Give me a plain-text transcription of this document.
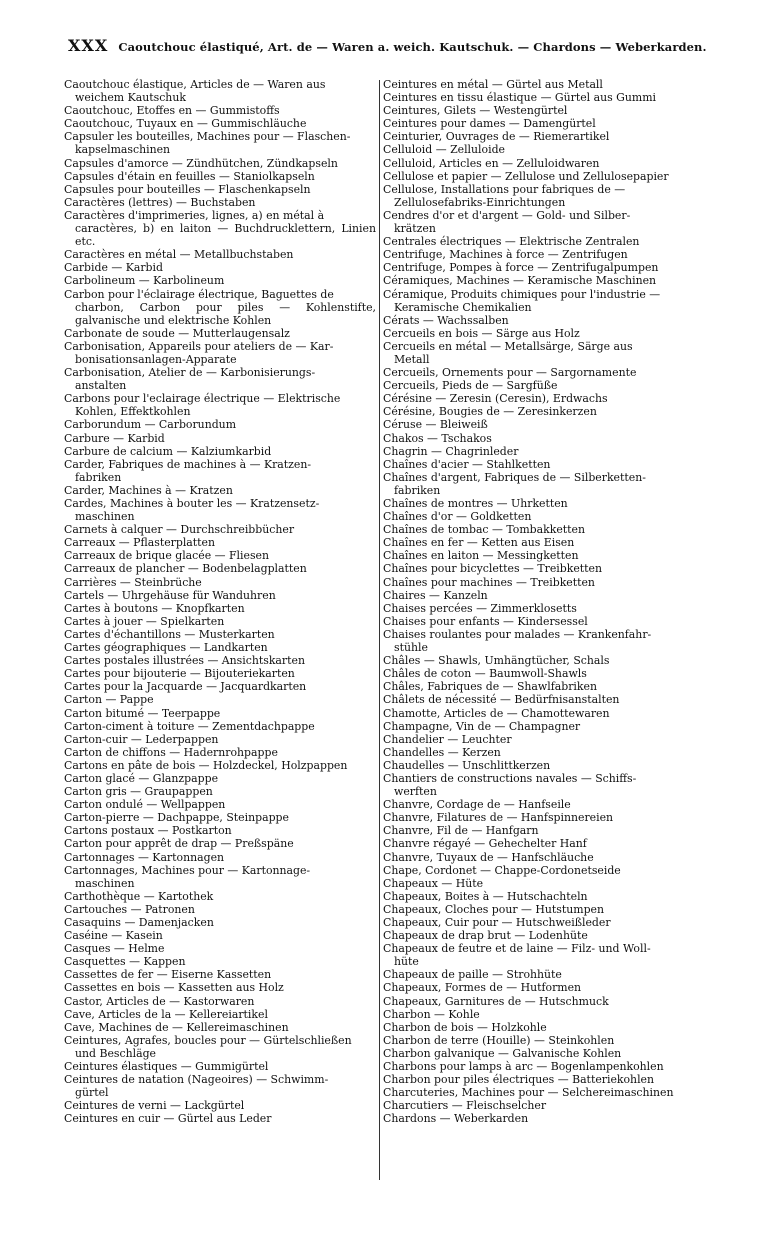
XXX Caoutchouc élastiqué, Art. de — Waren a. weich. Kautschuk. — Chardons — Weberkarden.
Caoutchouc élastique, Articles de — Waren aus
weichem Kautschuk
Caoutchouc, Etoffes en — Gummistoffs
Caoutchouc, Tuyaux en — Gummischläuche
Capsuler les bouteilles, Machines pour — Flaschen-
kapselmaschinen
Capsules d'amorce — Zündhütchen, Zündkapseln
Capsules d'étain en feuilles — Staniolkapseln
Capsules pour bouteilles — Flaschenkapseln
Caractères (lettres) — Buchstaben
Caractères d'imprimeries, lignes, a) en métal à
caractères, b) en laiton — Buchdrucklettern, Linien etc.
Caractères en métal — Metallbuchstaben
Carbide — Karbid
Carbolineum — Karbolineum
Carbon pour l'éclairage électrique, Baguettes de
charbon, Carbon pour piles — Kohlenstifte, galvanische und elektrische Kohlen
Carbonate de soude — Mutterlaugensalz
Carbonisation, Appareils pour ateliers de — Kar-
bonisationsanlagen-Apparate
Carbonisation, Atelier de — Karbonisierungs-
anstalten
Carbons pour l'eclairage électrique — Elektrische
Kohlen, Effektkohlen
Carborundum — Carborundum
Carbure — Karbid
Carbure de calcium — Kalziumkarbid
Carder, Fabriques de machines à — Kratzen-
fabriken
Carder, Machines à — Kratzen
Cardes, Machines à bouter les — Kratzensetz-
maschinen
Carnets à calquer — Durchschreibbücher
Carreaux — Pflasterplatten
Carreaux de brique glacée — Fliesen
Carreaux de plancher — Bodenbelagplatten
Carrières — Steinbrüche
Cartels — Uhrgehäuse für Wanduhren
Cartes à boutons — Knopfkarten
Cartes à jouer — Spielkarten
Cartes d'échantillons — Musterkarten
Cartes géographiques — Landkarten
Cartes postales illustrées — Ansichtskarten
Cartes pour bijouterie — Bijouteriekarten
Cartes pour la Jacquarde — Jacquardkarten
Carton — Pappe
Carton bitumé — Teerpappe
Carton-ciment à toiture — Zementdachpappe
Carton-cuir — Lederpappen
Carton de chiffons — Hadernrohpappe
Cartons en pâte de bois — Holzdeckel, Holzpappen
Carton glacé — Glanzpappe
Carton gris — Graupappen
Carton ondulé — Wellpappen
Carton-pierre — Dachpappe, Steinpappe
Cartons postaux — Postkarton
Carton pour apprêt de drap — Preßspäne
Cartonnages — Kartonnagen
Cartonnages, Machines pour — Kartonnage-
maschinen
Carthothèque — Kartothek
Cartouches — Patronen
Casaquins — Damenjacken
Caséine — Kasein
Casques — Helme
Casquettes — Kappen
Cassettes de fer — Eiserne Kassetten
Cassettes en bois — Kassetten aus Holz
Castor, Articles de — Kastorwaren
Cave, Articles de la — Kellereiartikel
Cave, Machines de — Kellereimaschinen
Ceintures, Agrafes, boucles pour — Gürtelschließen
und Beschläge
Ceintures élastiques — Gummigürtel
Ceintures de natation (Nageoires) — Schwimm-
gürtel
Ceintures de verni — Lackgürtel
Ceintures en cuir — Gürtel aus Leder
Ceintures en métal — Gürtel aus Metall
Ceintures en tissu élastique — Gürtel aus Gummi
Ceintures, Gilets — Westengürtel
Ceintures pour dames — Damengürtel
Ceinturier, Ouvrages de — Riemerartikel
Celluloid — Zelluloide
Celluloid, Articles en — Zelluloidwaren
Cellulose et papier — Zellulose und Zellulosepapier
Cellulose, Installations pour fabriques de —
Zellulosefabriks-Einrichtungen
Cendres d'or et d'argent — Gold- und Silber-
krätzen
Centrales électriques — Elektrische Zentralen
Centrifuge, Machines à force — Zentrifugen
Centrifuge, Pompes à force — Zentrifugalpumpen
Céramiques, Machines — Keramische Maschinen
Céramique, Produits chimiques pour l'industrie —
Keramische Chemikalien
Cérats — Wachssalben
Cercueils en bois — Särge aus Holz
Cercueils en métal — Metallsärge, Särge aus
Metall
Cercueils, Ornements pour — Sargornamente
Cercueils, Pieds de — Sargfüße
Cérésine — Zeresin (Ceresin), Erdwachs
Cérésine, Bougies de — Zeresinkerzen
Céruse — Bleiweiß
Chakos — Tschakos
Chagrin — Chagrinleder
Chaînes d'acier — Stahlketten
Chaînes d'argent, Fabriques de — Silberketten-
fabriken
Chaînes de montres — Uhrketten
Chaînes d'or — Goldketten
Chaînes de tombac — Tombakketten
Chaînes en fer — Ketten aus Eisen
Chaînes en laiton — Messingketten
Chaînes pour bicyclettes — Treibketten
Chaînes pour machines — Treibketten
Chaires — Kanzeln
Chaises percées — Zimmerklosetts
Chaises pour enfants — Kindersessel
Chaises roulantes pour malades — Krankenfahr-
stühle
Châles — Shawls, Umhängtücher, Schals
Châles de coton — Baumwoll-Shawls
Châles, Fabriques de — Shawlfabriken
Châlets de nécessité — Bedürfnisanstalten
Chamotte, Articles de — Chamottewaren
Champagne, Vin de — Champagner
Chandelier — Leuchter
Chandelles — Kerzen
Chaudelles — Unschlittkerzen
Chantiers de constructions navales — Schiffs-
werften
Chanvre, Cordage de — Hanfseile
Chanvre, Filatures de — Hanfspinnereien
Chanvre, Fil de — Hanfgarn
Chanvre régayé — Gehechelter Hanf
Chanvre, Tuyaux de — Hanfschläuche
Chape, Cordonet — Chappe-Cordonetseide
Chapeaux — Hüte
Chapeaux, Boites à — Hutschachteln
Chapeaux, Cloches pour — Hutstumpen
Chapeaux, Cuir pour — Hutschweißleder
Chapeaux de drap brut — Lodenhüte
Chapeaux de feutre et de laine — Filz- und Woll-
hüte
Chapeaux de paille — Strohhüte
Chapeaux, Formes de — Hutformen
Chapeaux, Garnitures de — Hutschmuck
Charbon — Kohle
Charbon de bois — Holzkohle
Charbon de terre (Houille) — Steinkohlen
Charbon galvanique — Galvanische Kohlen
Charbons pour lamps à arc — Bogenlampenkohlen
Charbon pour piles électriques — Batteriekohlen
Charcuteries, Machines pour — Selchereimaschinen
Charcutiers — Fleischselcher
Chardons — Weberkarden
